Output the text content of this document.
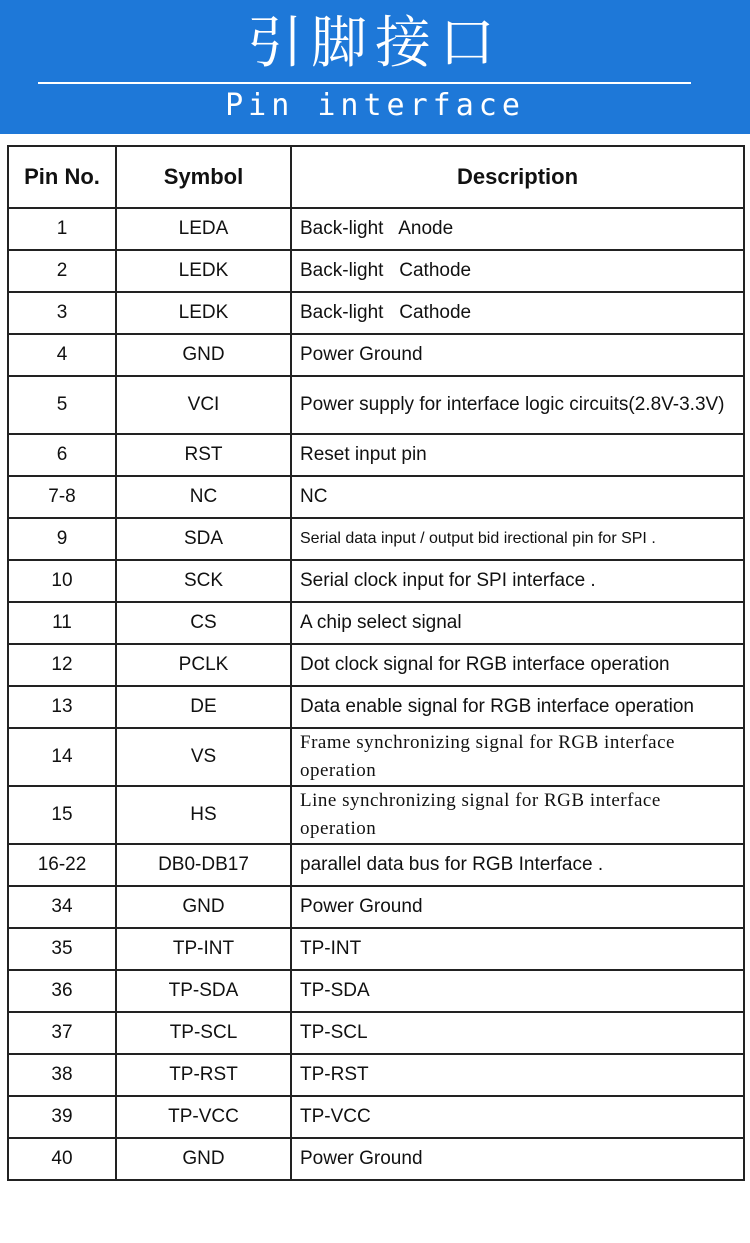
引脚接口
Pin interface
Pin No.	Symbol	Description
1	LEDA	Back-light   Anode
2	LEDK	Back-light   Cathode
3	LEDK	Back-light   Cathode
4	GND	Power Ground
5	VCI	Power supply for interface logic circuits(2.8V-3.3V)
6	RST	Reset input pin
7-8	NC	NC
9	SDA	Serial data input / output bid irectional pin for SPI .
10	SCK	Serial clock input for SPI interface .
11	CS	A chip select signal
12	PCLK	Dot clock signal for RGB interface operation
13	DE	Data enable signal for RGB interface operation
14	VS	Frame synchronizing signal for RGB interface operation
15	HS	Line synchronizing signal for RGB interface operation
16-22	DB0-DB17	parallel data bus for RGB Interface .
34	GND	Power Ground
35	TP-INT	TP-INT
36	TP-SDA	TP-SDA
37	TP-SCL	TP-SCL
38	TP-RST	TP-RST
39	TP-VCC	TP-VCC
40	GND	Power Ground
